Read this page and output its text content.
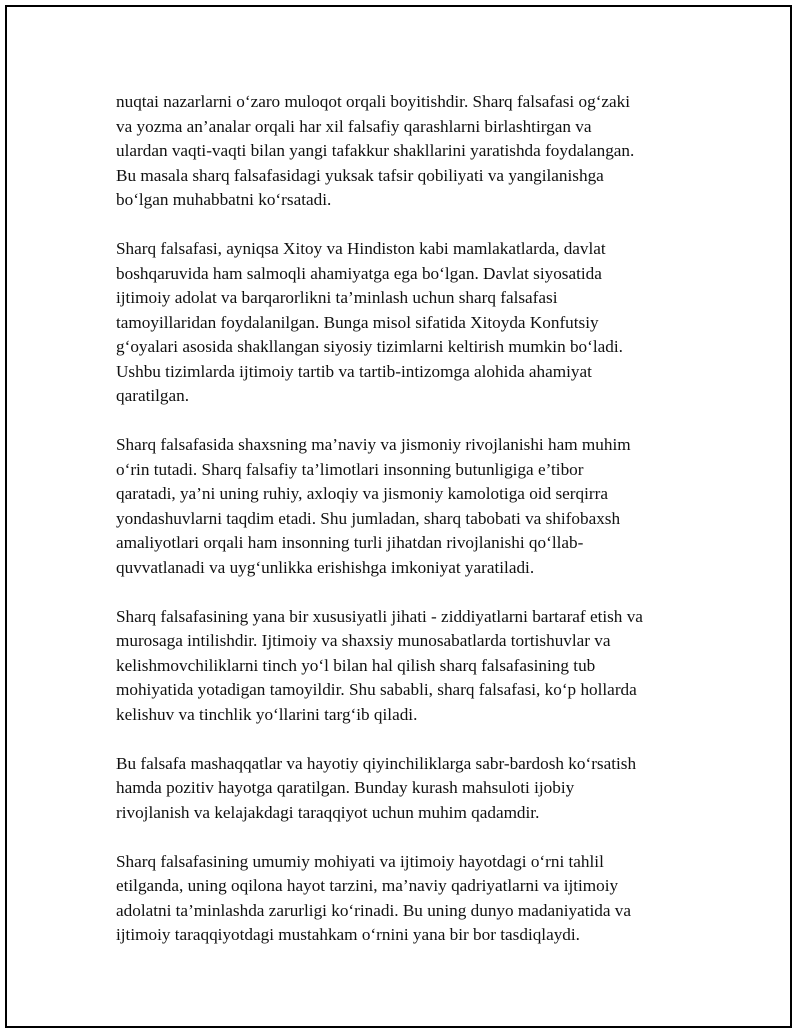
nuqtai nazarlarni o‘zaro muloqot orqali boyitishdir. Sharq falsafasi og‘zaki
va yozma an’analar orqali har xil falsafiy qarashlarni birlashtirgan va
ulardan vaqti-vaqti bilan yangi tafakkur shakllarini yaratishda foydalangan.
Bu masala sharq falsafasidagi yuksak tafsir qobiliyati va yangilanishga
bo‘lgan muhabbatni ko‘rsatadi.

Sharq falsafasi, ayniqsa Xitoy va Hindiston kabi mamlakatlarda, davlat
boshqaruvida ham salmoqli ahamiyatga ega bo‘lgan. Davlat siyosatida
ijtimoiy adolat va barqarorlikni ta’minlash uchun sharq falsafasi
tamoyillaridan foydalanilgan. Bunga misol sifatida Xitoyda Konfutsiy
g‘oyalari asosida shakllangan siyosiy tizimlarni keltirish mumkin bo‘ladi.
Ushbu tizimlarda ijtimoiy tartib va tartib-intizomga alohida ahamiyat
qaratilgan.

Sharq falsafasida shaxsning ma’naviy va jismoniy rivojlanishi ham muhim
o‘rin tutadi. Sharq falsafiy ta’limotlari insonning butunligiga e’tibor
qaratadi, ya’ni uning ruhiy, axloqiy va jismoniy kamolotiga oid serqirra
yondashuvlarni taqdim etadi. Shu jumladan, sharq tabobati va shifobaxsh
amaliyotlari orqali ham insonning turli jihatdan rivojlanishi qo‘llab-
quvvatlanadi va uyg‘unlikka erishishga imkoniyat yaratiladi.

Sharq falsafasining yana bir xususiyatli jihati - ziddiyatlarni bartaraf etish va
murosaga intilishdir. Ijtimoiy va shaxsiy munosabatlarda tortishuvlar va
kelishmovchiliklarni tinch yo‘l bilan hal qilish sharq falsafasining tub
mohiyatida yotadigan tamoyildir. Shu sababli, sharq falsafasi, ko‘p hollarda
kelishuv va tinchlik yo‘llarini targ‘ib qiladi.

Bu falsafa mashaqqatlar va hayotiy qiyinchiliklarga sabr-bardosh ko‘rsatish
hamda pozitiv hayotga qaratilgan. Bunday kurash mahsuloti ijobiy
rivojlanish va kelajakdagi taraqqiyot uchun muhim qadamdir.

Sharq falsafasining umumiy mohiyati va ijtimoiy hayotdagi o‘rni tahlil
etilganda, uning oqilona hayot tarzini, ma’naviy qadriyatlarni va ijtimoiy
adolatni ta’minlashda zarurligi ko‘rinadi. Bu uning dunyo madaniyatida va
ijtimoiy taraqqiyotdagi mustahkam o‘rnini yana bir bor tasdiqlaydi.
